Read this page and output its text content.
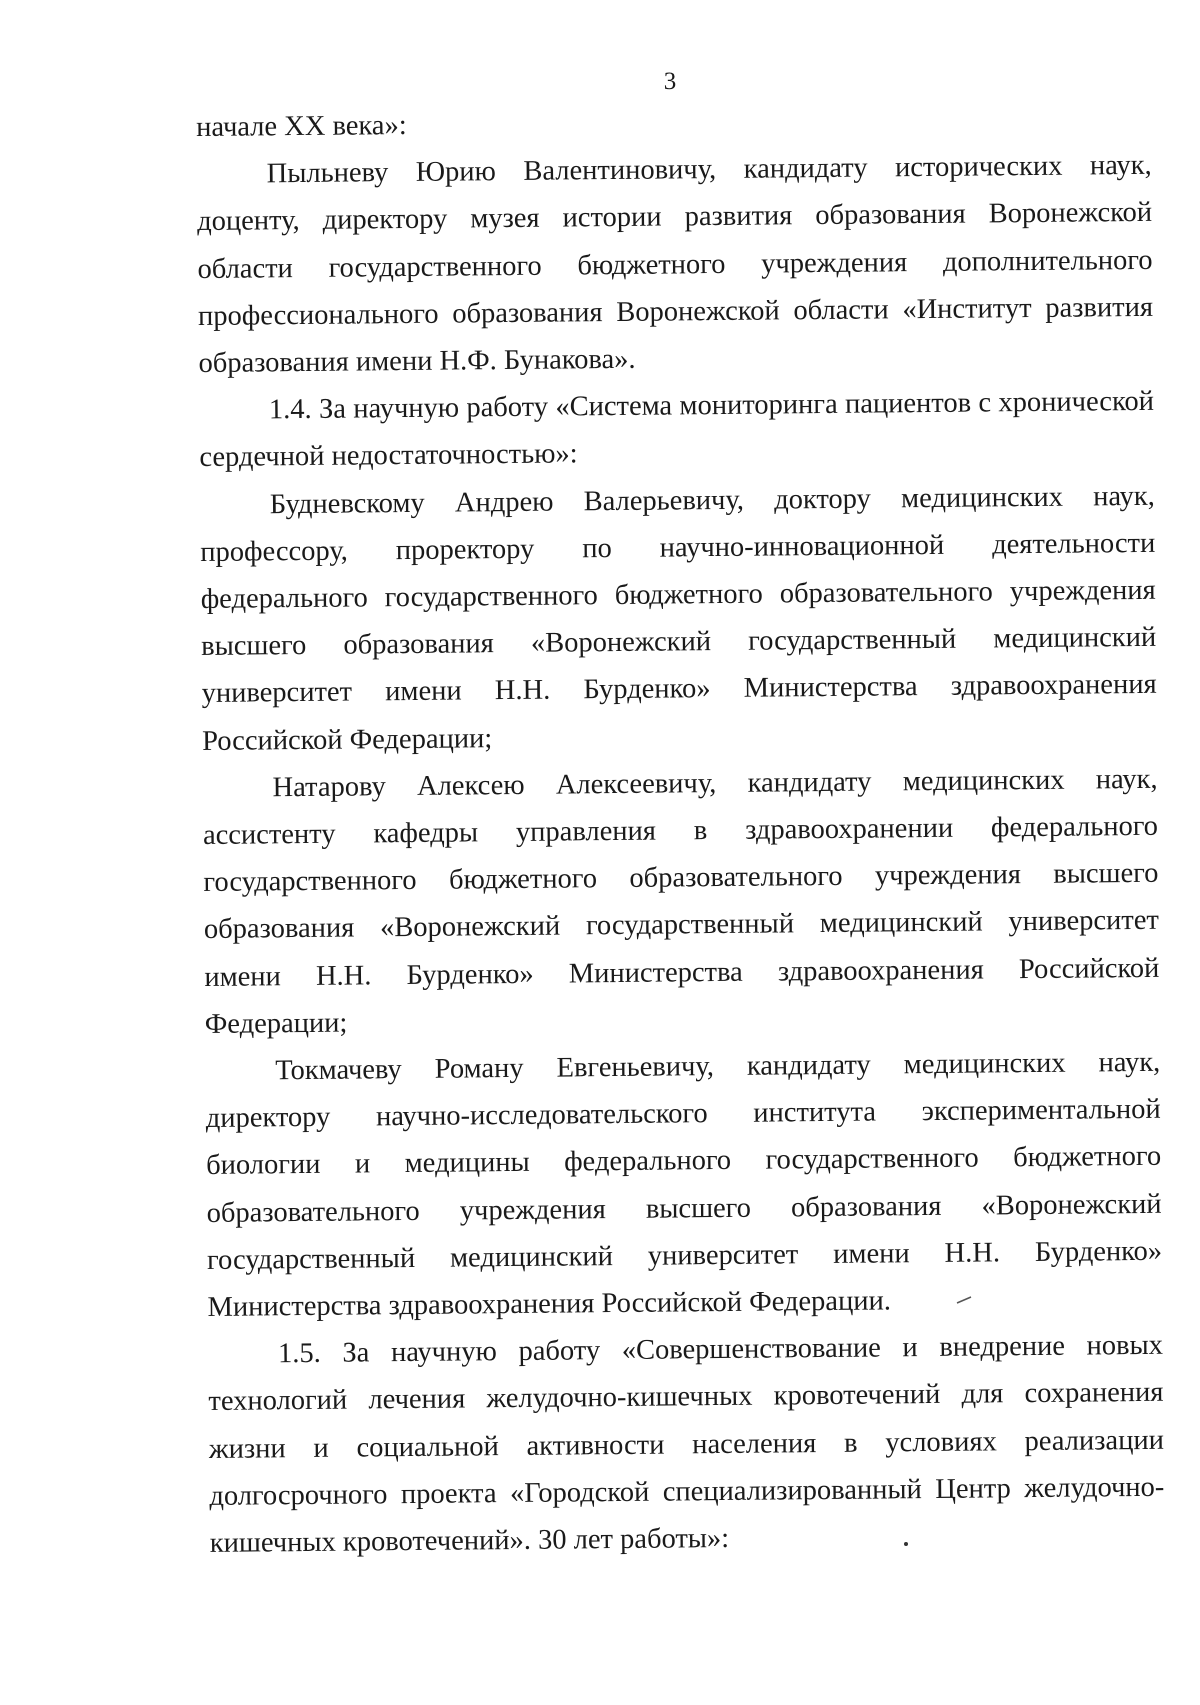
3

начале XX века»:

Пыльневу Юрию Валентиновичу, кандидату исторических наук, доценту, директору музея истории развития образования Воронежской области государственного бюджетного учреждения дополнительного профессионального образования Воронежской области «Институт развития образования имени Н.Ф. Бунакова».

1.4. За научную работу «Система мониторинга пациентов с хронической сердечной недостаточностью»:

Будневскому Андрею Валерьевичу, доктору медицинских наук, профессору, проректору по научно-инновационной деятельности федерального государственного бюджетного образовательного учреждения высшего образования «Воронежский государственный медицинский университет имени Н.Н. Бурденко» Министерства здравоохранения Российской Федерации;

Натарову Алексею Алексеевичу, кандидату медицинских наук, ассистенту кафедры управления в здравоохранении федерального государственного бюджетного образовательного учреждения высшего образования «Воронежский государственный медицинский университет имени Н.Н. Бурденко» Министерства здравоохранения Российской Федерации;

Токмачеву Роману Евгеньевичу, кандидату медицинских наук, директору научно-исследовательского института экспериментальной биологии и медицины федерального государственного бюджетного образовательного учреждения высшего образования «Воронежский государственный медицинский университет имени Н.Н. Бурденко» Министерства здравоохранения Российской Федерации.

1.5. За научную работу «Совершенствование и внедрение новых технологий лечения желудочно-кишечных кровотечений для сохранения жизни и социальной активности населения в условиях реализации долгосрочного проекта «Городской специализированный Центр желудочно-кишечных кровотечений». 30 лет работы»:
